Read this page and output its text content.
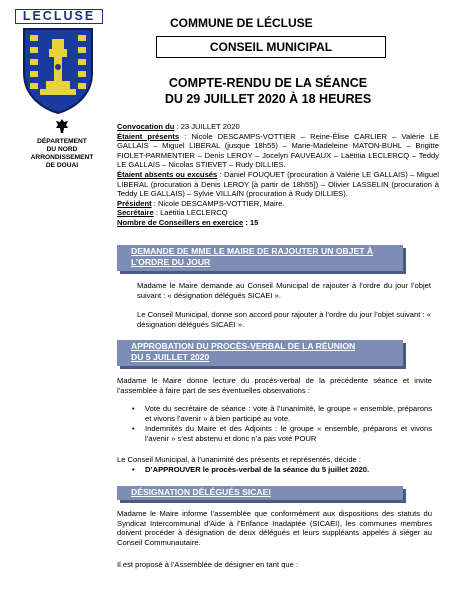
LECLUSE

DÉPARTEMENT

DU NORD

ARRONDISSEMENT

DE DOUAI

COMMUNE DE LÉCLUSE
CONSEIL MUNICIPAL
COMPTE-RENDU DE LA SÉANCE
DU 29 JUILLET 2020 À 18 HEURES

Convocation du : 23 JUILLET 2020

Étaient présents : Nicole DESCAMPS-VOTTIER – Reine-Élise CARLIER – Valérie LE GALLAIS – Miguel LIBERAL (jusque 18h55) – Marie-Madeleine MATON-BUHL – Brigitte FIOLET-PARMENTIER – Denis LEROY – Jocelyn FAUVEAUX – Laëtitia LECLERCQ – Teddy LE GALLAIS – Nicolas STIEVET – Rudy DILLIES.

Étaient absents ou excusés : Daniel FOUQUET (procuration à Valérie LE GALLAIS) – Miguel LIBERAL (procuration à Denis LEROY [à partir de 18h55]) – Olivier LASSELIN (procuration à Teddy LE GALLAIS) – Sylvie VILLAIN (procuration à Rudy DILLIES).

Président : Nicole DESCAMPS-VOTTIER, Maire.

Secrétaire : Laëtitia LECLERCQ

Nombre de Conseillers en exercice : 15

DEMANDE DE MME LE MAIRE DE RAJOUTER UN OBJET À
L’ORDRE DU JOUR

Madame le Maire demande au Conseil Municipal de rajouter à l’ordre du jour l’objet suivant : « désignation délégués SICAEI ».

Le Conseil Municipal, donne son accord pour rajouter à l’ordre du jour l’objet suivant : « désignation délégués SICAEI ».

APPROBATION DU PROCÈS-VERBAL DE LA RÉUNION
DU 5 JUILLET 2020

Madame le Maire donne lecture du procès-verbal de la précédente séance et invite l’assemblée à faire part de ses éventuelles observations :

• Vote du secrétaire de séance : vote à l’unanimité, le groupe « ensemble, préparons et vivons l’avenir » à bien participé au vote.
• Indemnités du Maire et des Adjoints : le groupe « ensemble, préparons et vivons l’avenir » s’est abstenu et donc n’a pas voté POUR

Le Conseil Municipal, à l’unanimité des présents et représentés, décide :

• D’APPROUVER le procès-verbal de la séance du 5 juillet 2020.
DÉSIGNATION DÉLÉGUÉS SICAEI

Madame le Maire informe l’assemblée que conformément aux dispositions des statuts du Syndicat Intercommunal d’Aide à l’Enfance Inadaptée (SICAEI), les communes membres doivent procéder à désignation de deux délégués et leurs suppléants appelés à siéger au Conseil Communautaire.

Il est proposé à l’Assemblée de désigner en tant que :
